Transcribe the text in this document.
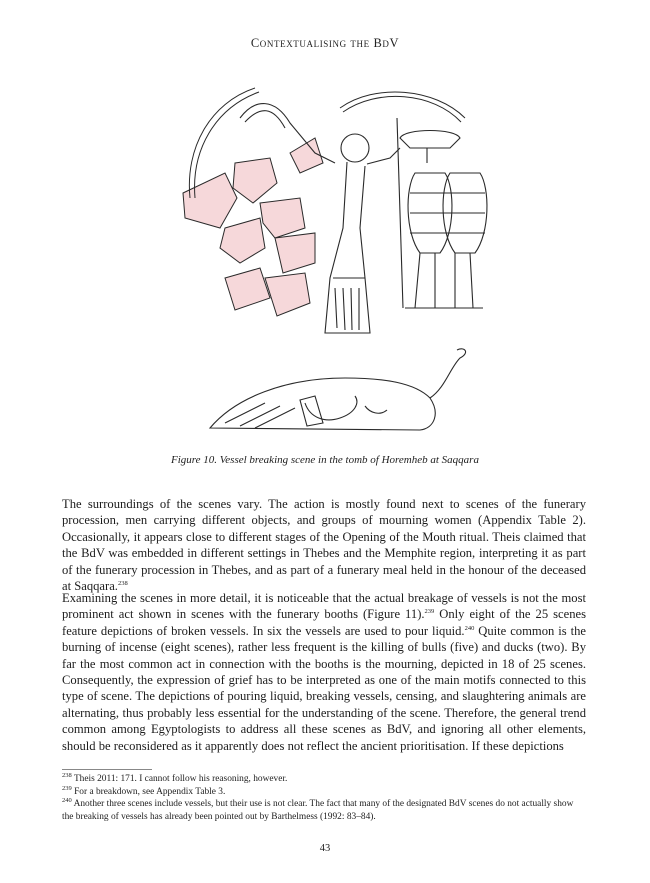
Contextualising the BdV
Figure 10. Vessel breaking scene in the tomb of Horemheb at Saqqara

The surroundings of the scenes vary. The action is mostly found next to scenes of the funerary procession, men carrying different objects, and groups of mourning women (Appendix Table 2). Occasionally, it appears close to different stages of the Opening of the Mouth ritual. Theis claimed that the BdV was embedded in different settings in Thebes and the Memphite region, interpreting it as part of the funerary procession in Thebes, and as part of a funerary meal held in the honour of the deceased at Saqqara.$^{238}$

Examining the scenes in more detail, it is noticeable that the actual breakage of vessels is not the most prominent act shown in scenes with the funerary booths (Figure 11).$^{239}$ Only eight of the 25 scenes feature depictions of broken vessels. In six the vessels are used to pour liquid.$^{240}$ Quite common is the burning of incense (eight scenes), rather less frequent is the killing of bulls (five) and ducks (two). By far the most common act in connection with the booths is the mourning, depicted in 18 of 25 scenes. Consequently, the expression of grief has to be interpreted as one of the main motifs connected to this type of scene. The depictions of pouring liquid, breaking vessels, censing, and slaughtering animals are alternating, thus probably less essential for the understanding of the scene. Therefore, the general trend common among Egyptologists to address all these scenes as BdV, and ignoring all other elements, should be reconsidered as it apparently does not reflect the ancient prioritisation. If these depictions

$^{238}$ Theis 2011: 171. I cannot follow his reasoning, however.

$^{239}$ For a breakdown, see Appendix Table 3.

$^{240}$ Another three scenes include vessels, but their use is not clear. The fact that many of the designated BdV scenes do not actually show the breaking of vessels has already been pointed out by Barthelmess (1992: 83–84).

43
